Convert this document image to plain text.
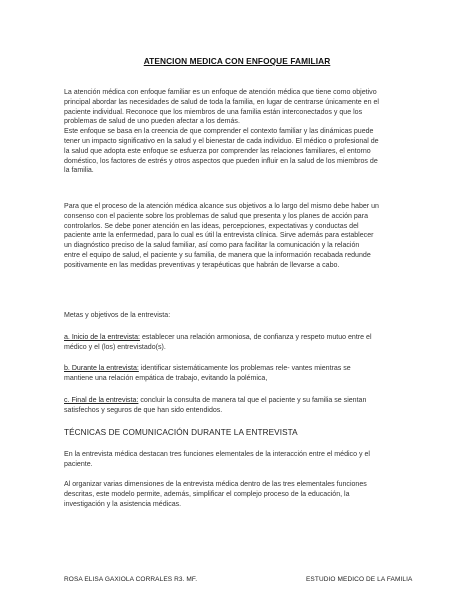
ATENCION MEDICA CON ENFOQUE FAMILIAR

La atención médica con enfoque familiar es un enfoque de atención médica que tiene como objetivo
principal abordar las necesidades de salud de toda la familia, en lugar de centrarse únicamente en el
paciente individual. Reconoce que los miembros de una familia están interconectados y que los
problemas de salud de uno pueden afectar a los demás.
Este enfoque se basa en la creencia de que comprender el contexto familiar y las dinámicas puede
tener un impacto significativo en la salud y el bienestar de cada individuo. El médico o profesional de
la salud que adopta este enfoque se esfuerza por comprender las relaciones familiares, el entorno
doméstico, los factores de estrés y otros aspectos que pueden influir en la salud de los miembros de
la familia.

Para que el proceso de la atención médica alcance sus objetivos a lo largo del mismo debe haber un
consenso con el paciente sobre los problemas de salud que presenta y los planes de acción para
controlarlos. Se debe poner atención en las ideas, percepciones, expectativas y conductas del
paciente ante la enfermedad, para lo cual es útil la entrevista clínica. Sirve además para establecer
un diagnóstico preciso de la salud familiar, así como para facilitar la comunicación y la relación
entre el equipo de salud, el paciente y su familia, de manera que la información recabada redunde
positivamente en las medidas preventivas y terapéuticas que habrán de llevarse a cabo.

Metas y objetivos de la entrevista:

a. Inicio de la entrevista: establecer una relación armoniosa, de confianza y respeto mutuo entre el
médico y el (los) entrevistado(s).

b. Durante la entrevista: identificar sistemáticamente los problemas rele- vantes mientras se
mantiene una relación empática de trabajo, evitando la polémica,

c. Final de la entrevista: concluir la consulta de manera tal que el paciente y su familia se sientan
satisfechos y seguros de que han sido entendidos.

TÉCNICAS DE COMUNICACIÓN DURANTE LA ENTREVISTA

En la entrevista médica destacan tres funciones elementales de la interacción entre el médico y el
paciente.

Al organizar varias dimensiones de la entrevista médica dentro de las tres elementales funciones
descritas, este modelo permite, además, simplificar el complejo proceso de la educación, la
investigación y la asistencia médicas.

ROSA ELISA GAXIOLA CORRALES R3. MF.	ESTUDIO MEDICO DE LA FAMILIA
